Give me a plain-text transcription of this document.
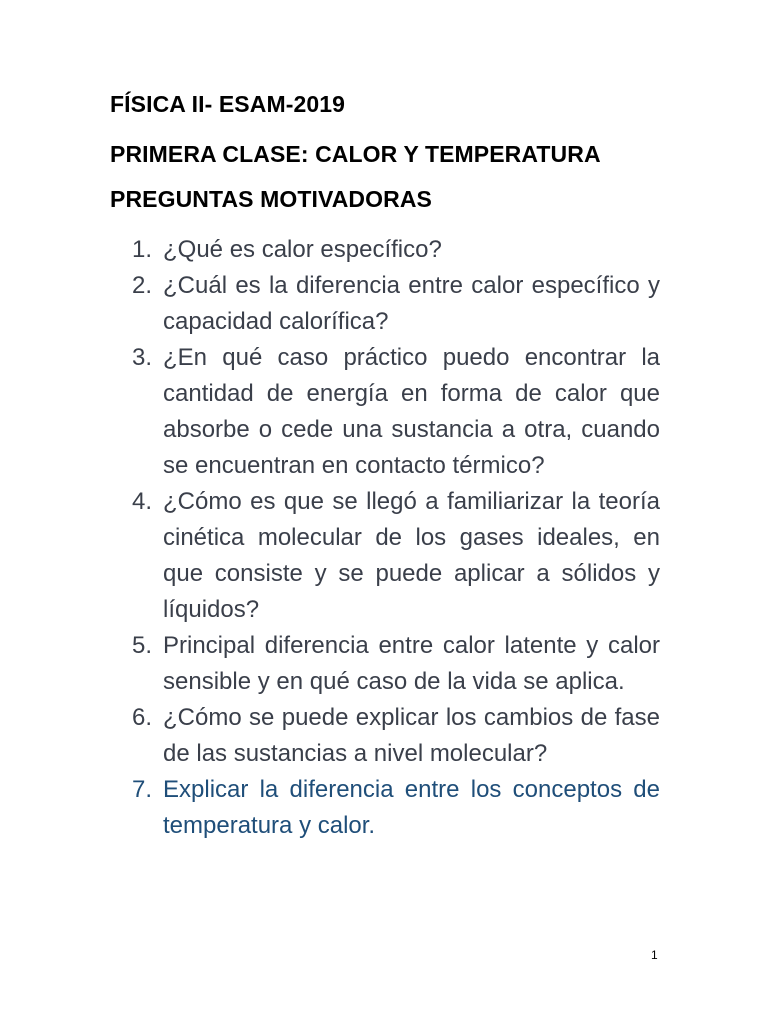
FÍSICA II- ESAM-2019
PRIMERA CLASE: CALOR Y TEMPERATURA
PREGUNTAS MOTIVADORAS
1. ¿Qué es calor específico?
2. ¿Cuál es la diferencia entre calor específico y capacidad calorífica?
3. ¿En qué caso práctico puedo encontrar la cantidad de energía en forma de calor que absorbe o cede una sustancia a otra, cuando se encuentran en contacto térmico?
4. ¿Cómo es que se llegó a familiarizar la teoría cinética molecular de los gases ideales, en que consiste y se puede aplicar a sólidos y líquidos?
5. Principal diferencia entre calor latente y calor sensible y en qué caso de la vida se aplica.
6. ¿Cómo se puede explicar los cambios de fase de las sustancias a nivel molecular?
7. Explicar la diferencia entre los conceptos de temperatura y calor.
1
